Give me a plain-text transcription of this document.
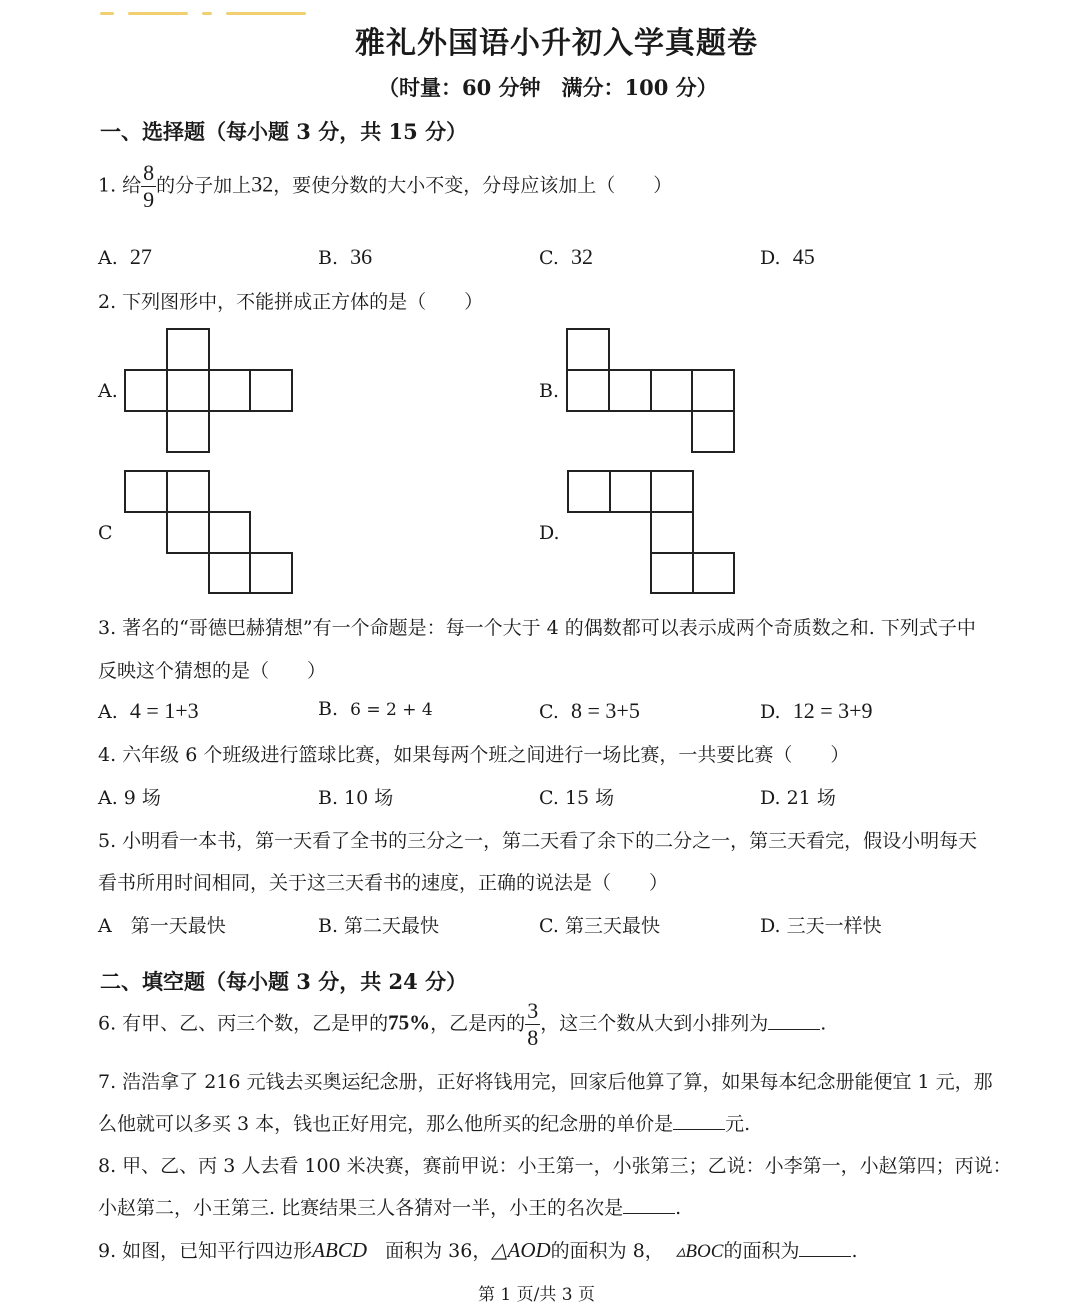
雅礼外国语小升初入学真题卷
（时量：60 分钟　满分：100 分）
一、选择题（每小题 3 分，共 15 分）
1. 给 $\frac{8}{9}$ 的分子加上32，要使分数的大小不变，分母应该加上（　　）
A. 27	B. 36	C. 32	D. 45
2. 下列图形中，不能拼成正方体的是（　　）
A.	B.
C	D.
3. 著名的“哥德巴赫猜想”有一个命题是：每一个大于 4 的偶数都可以表示成两个奇质数之和. 下列式子中
反映这个猜想的是（　　）
A. 4 = 1+3	B. 6 = 2 + 4	C. 8 = 3+5	D. 12 = 3+9
4. 六年级 6 个班级进行篮球比赛，如果每两个班之间进行一场比赛，一共要比赛（　　）
A. 9 场	B. 10 场	C. 15 场	D. 21 场
5. 小明看一本书，第一天看了全书的三分之一，第二天看了余下的二分之一，第三天看完，假设小明每天
看书所用时间相同，关于这三天看书的速度，正确的说法是（　　）
A　第一天最快	B. 第二天最快	C. 第三天最快	D. 三天一样快
二、填空题（每小题 3 分，共 24 分）
6. 有甲、乙、丙三个数，乙是甲的75%，乙是丙的 $\frac{3}{8}$ ，这三个数从大到小排列为	.
7. 浩浩拿了 216 元钱去买奥运纪念册，正好将钱用完，回家后他算了算，如果每本纪念册能便宜 1 元，那
么他就可以多买 3 本，钱也正好用完，那么他所买的纪念册的单价是	元.
8. 甲、乙、丙 3 人去看 100 米决赛，赛前甲说：小王第一，小张第三；乙说：小李第一，小赵第四；丙说：
小赵第二，小王第三. 比赛结果三人各猜对一半，小王的名次是	.
9. 如图，已知平行四边形ABCD 面积为 36，△AOD的面积为 8， ▵BOC的面积为	.
第 1 页/共 3 页
